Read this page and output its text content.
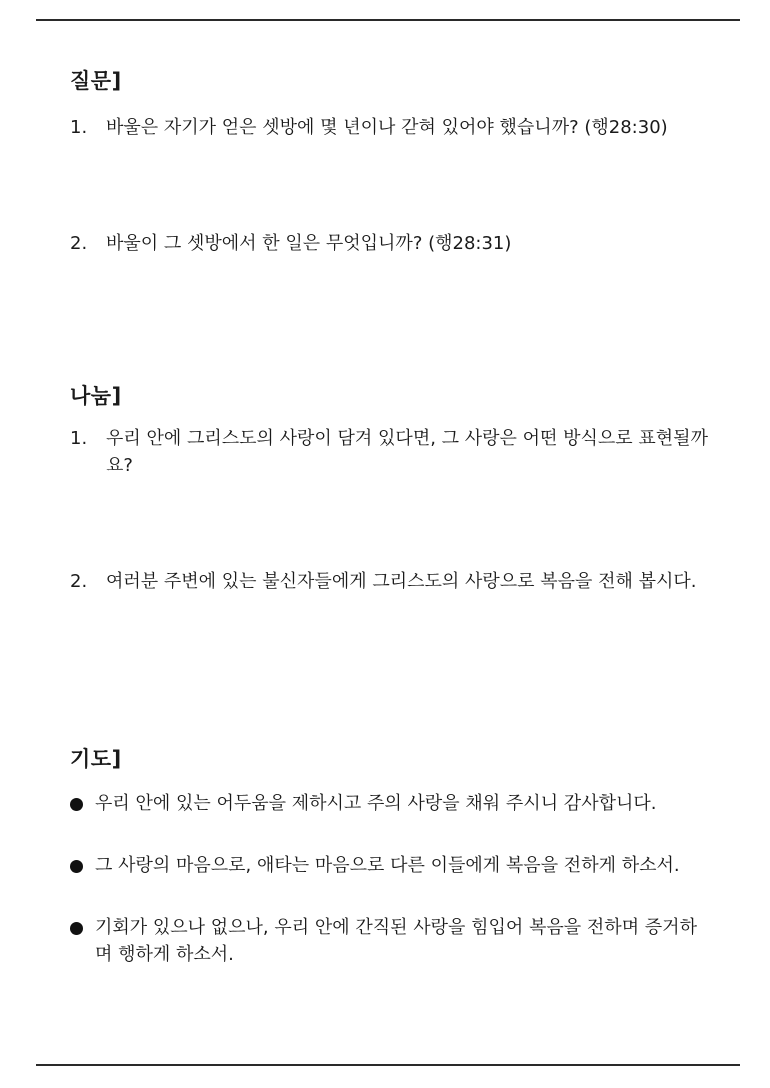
질문]
1.	바울은 자기가 얻은 셋방에 몇 년이나 갇혀 있어야 했습니까? (행28:30)
2.	바울이 그 셋방에서 한 일은 무엇입니까? (행28:31)
나눔]
1.	우리 안에 그리스도의 사랑이 담겨 있다면, 그 사랑은 어떤 방식으로 표현될까요?
2.	여러분 주변에 있는 불신자들에게 그리스도의 사랑으로 복음을 전해 봅시다.
기도]
우리 안에 있는 어두움을 제하시고 주의 사랑을 채워 주시니 감사합니다.
그 사랑의 마음으로, 애타는 마음으로 다른 이들에게 복음을 전하게 하소서.
기회가 있으나 없으나, 우리 안에 간직된 사랑을 힘입어 복음을 전하며 증거하며 행하게 하소서.
